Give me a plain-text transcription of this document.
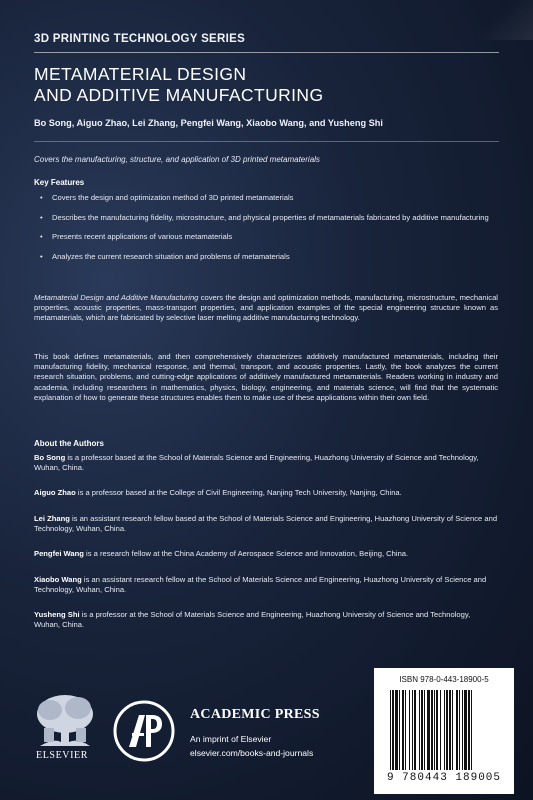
3D PRINTING TECHNOLOGY SERIES
METAMATERIAL DESIGN
AND ADDITIVE MANUFACTURING
Bo Song, Aiguo Zhao, Lei Zhang, Pengfei Wang, Xiaobo Wang, and Yusheng Shi
Covers the manufacturing, structure, and application of 3D printed metamaterials
Key Features
• Covers the design and optimization method of 3D printed metamaterials
• Describes the manufacturing fidelity, microstructure, and physical properties of metamaterials fabricated by additive manufacturing
• Presents recent applications of various metamaterials
• Analyzes the current research situation and problems of metamaterials

Metamaterial Design and Additive Manufacturing covers the design and optimization methods, manufacturing, microstructure, mechanical properties, acoustic properties, mass-transport properties, and application examples of the special engineering structure known as metamaterials, which are fabricated by selective laser melting additive manufacturing technology.

This book defines metamaterials, and then comprehensively characterizes additively manufactured metamaterials, including their manufacturing fidelity, mechanical response, and thermal, transport, and acoustic properties. Lastly, the book analyzes the current research situation, problems, and cutting-edge applications of additively manufactured metamaterials. Readers working in industry and academia, including researchers in mathematics, physics, biology, engineering, and materials science, will find that the systematic explanation of how to generate these structures enables them to make use of these applications within their own field.

About the Authors

Bo Song is a professor based at the School of Materials Science and Engineering, Huazhong University of Science and Technology, Wuhan, China.

Aiguo Zhao is a professor based at the College of Civil Engineering, Nanjing Tech University, Nanjing, China.

Lei Zhang is an assistant research fellow based at the School of Materials Science and Engineering, Huazhong University of Science and Technology, Wuhan, China.

Pengfei Wang is a research fellow at the China Academy of Aerospace Science and Innovation, Beijing, China.

Xiaobo Wang is an assistant research fellow at the School of Materials Science and Engineering, Huazhong University of Science and Technology, Wuhan, China.

Yusheng Shi is a professor at the School of Materials Science and Engineering, Huazhong University of Science and Technology, Wuhan, China.

ELSEVIER
ACADEMIC PRESS
An imprint of Elsevier
elsevier.com/books-and-journals
ISBN 978-0-443-18900-5
9 780443 189005
